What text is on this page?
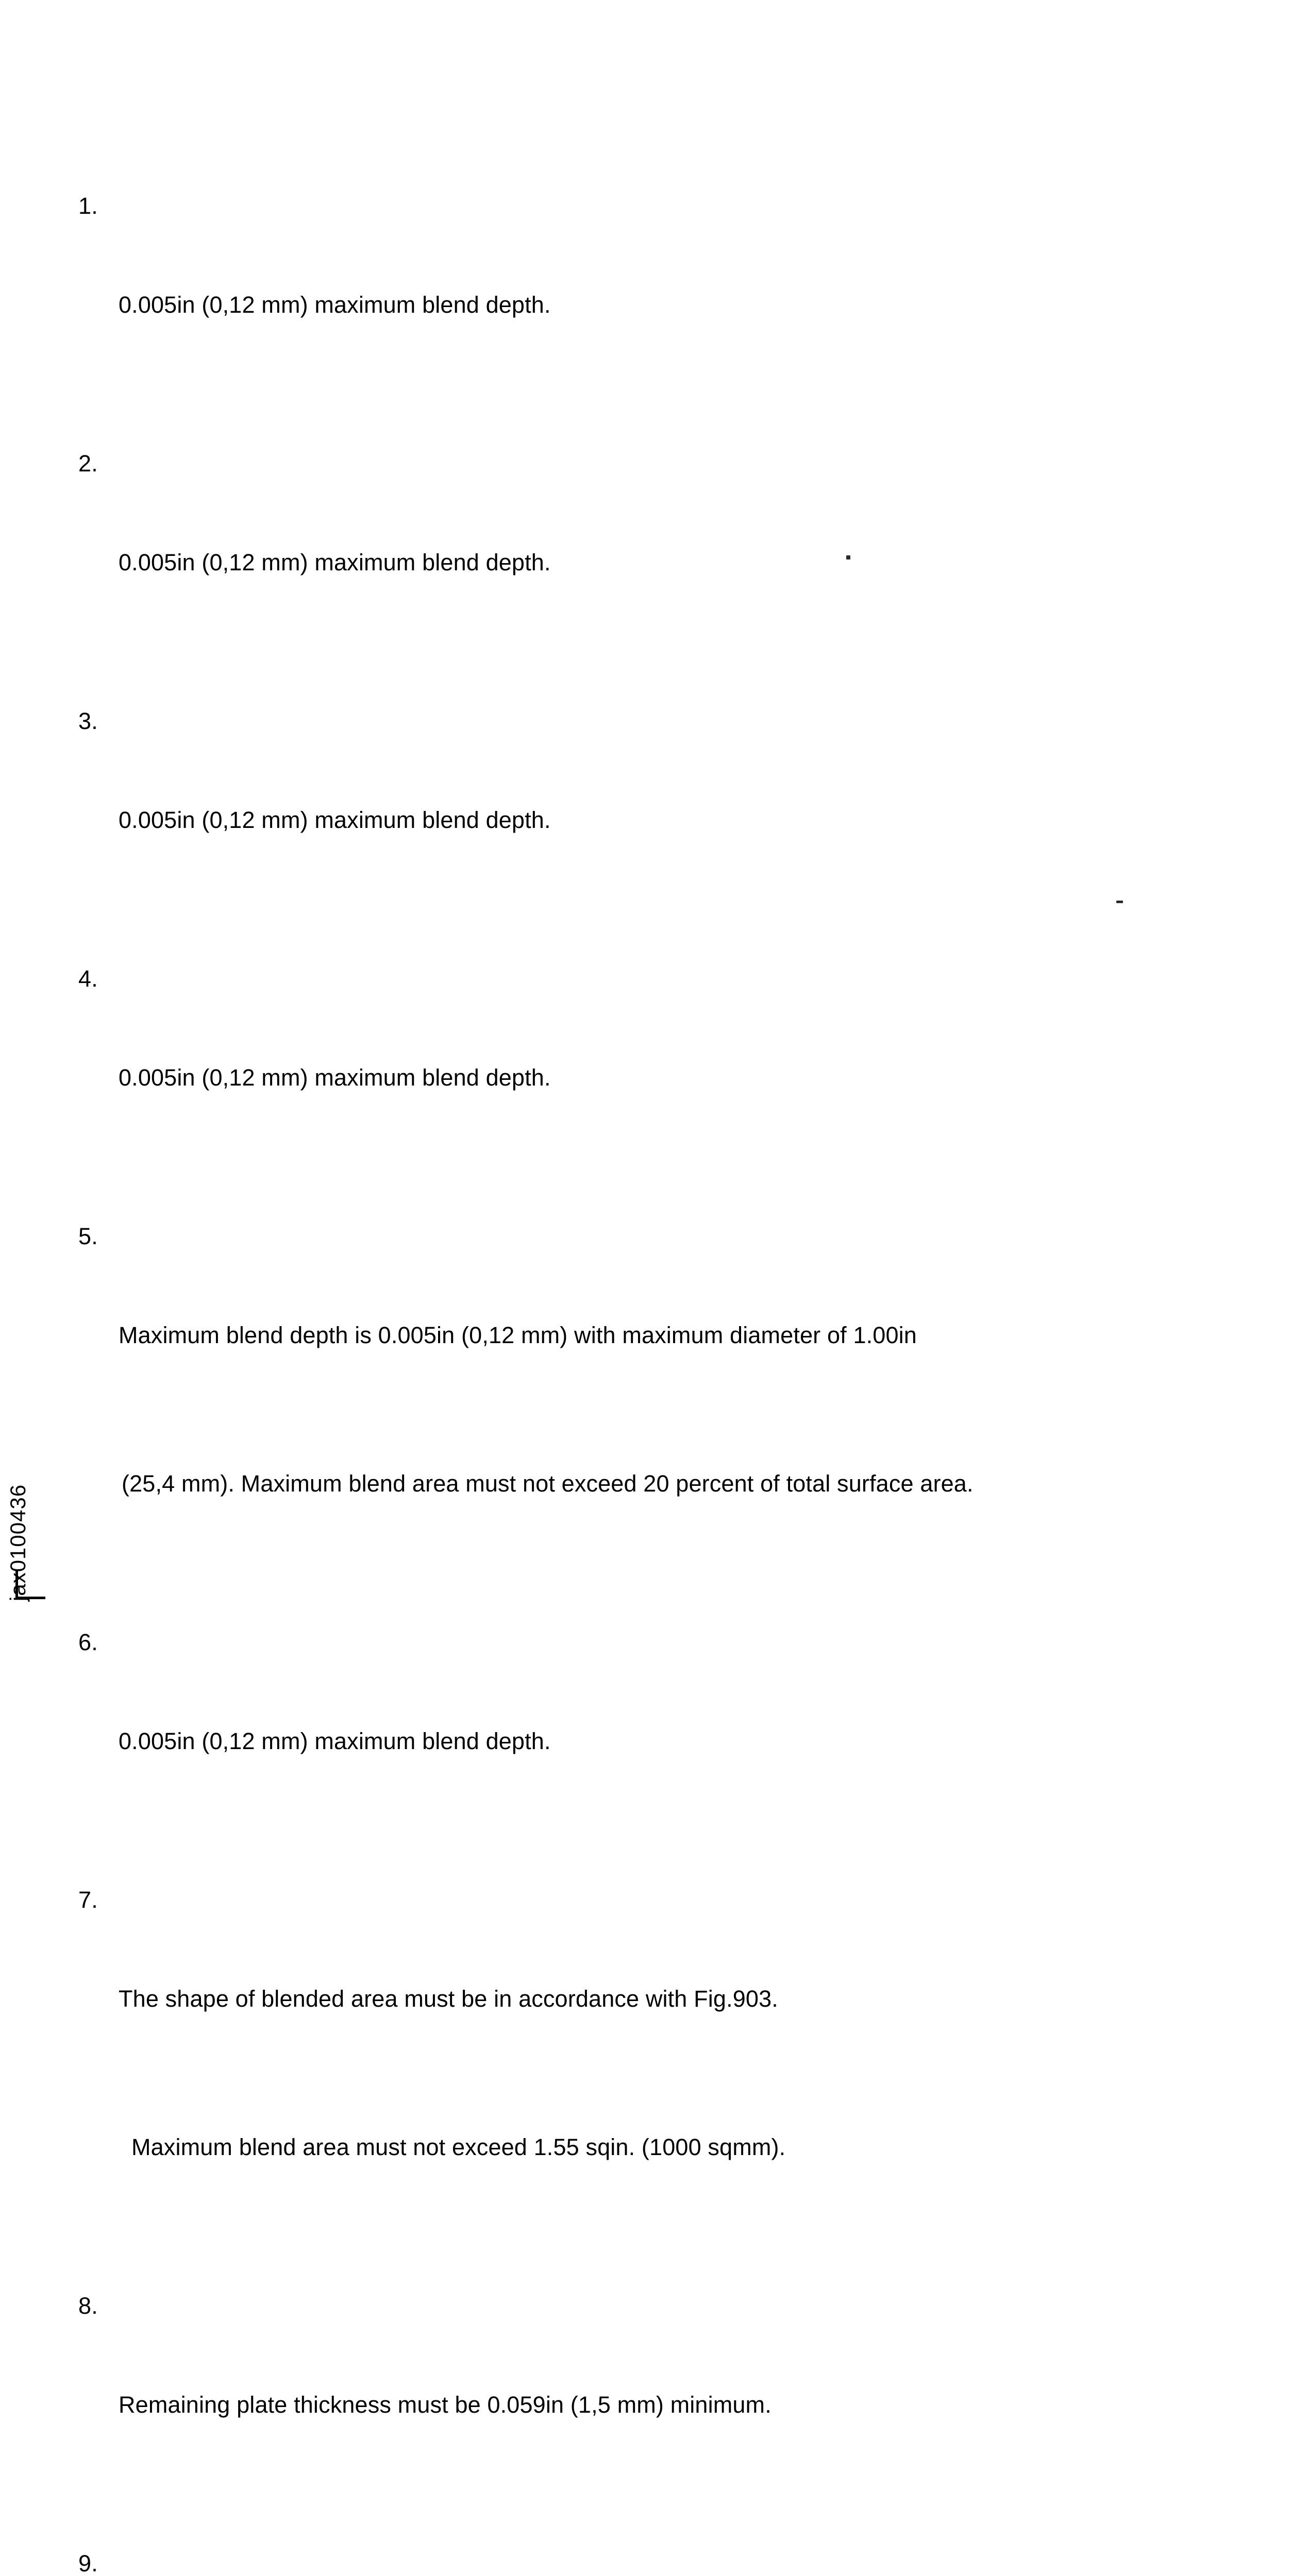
1.

0.005in (0,12 mm) maximum blend depth.

2.

0.005in (0,12 mm) maximum blend depth.

3.

0.005in (0,12 mm) maximum blend depth.

4.

0.005in (0,12 mm) maximum blend depth.

5.

Maximum blend depth is 0.005in (0,12 mm) with maximum diameter of 1.00in

(25,4 mm). Maximum blend area must not exceed 20 percent of total surface area.

6.

0.005in (0,12 mm) maximum blend depth.

7.

The shape of blended area must be in accordance with Fig.903.

Maximum blend area must not exceed 1.55 sqin. (1000 sqmm).

8.

Remaining plate thickness must be 0.059in (1,5 mm) minimum.

9.

jax0100436
